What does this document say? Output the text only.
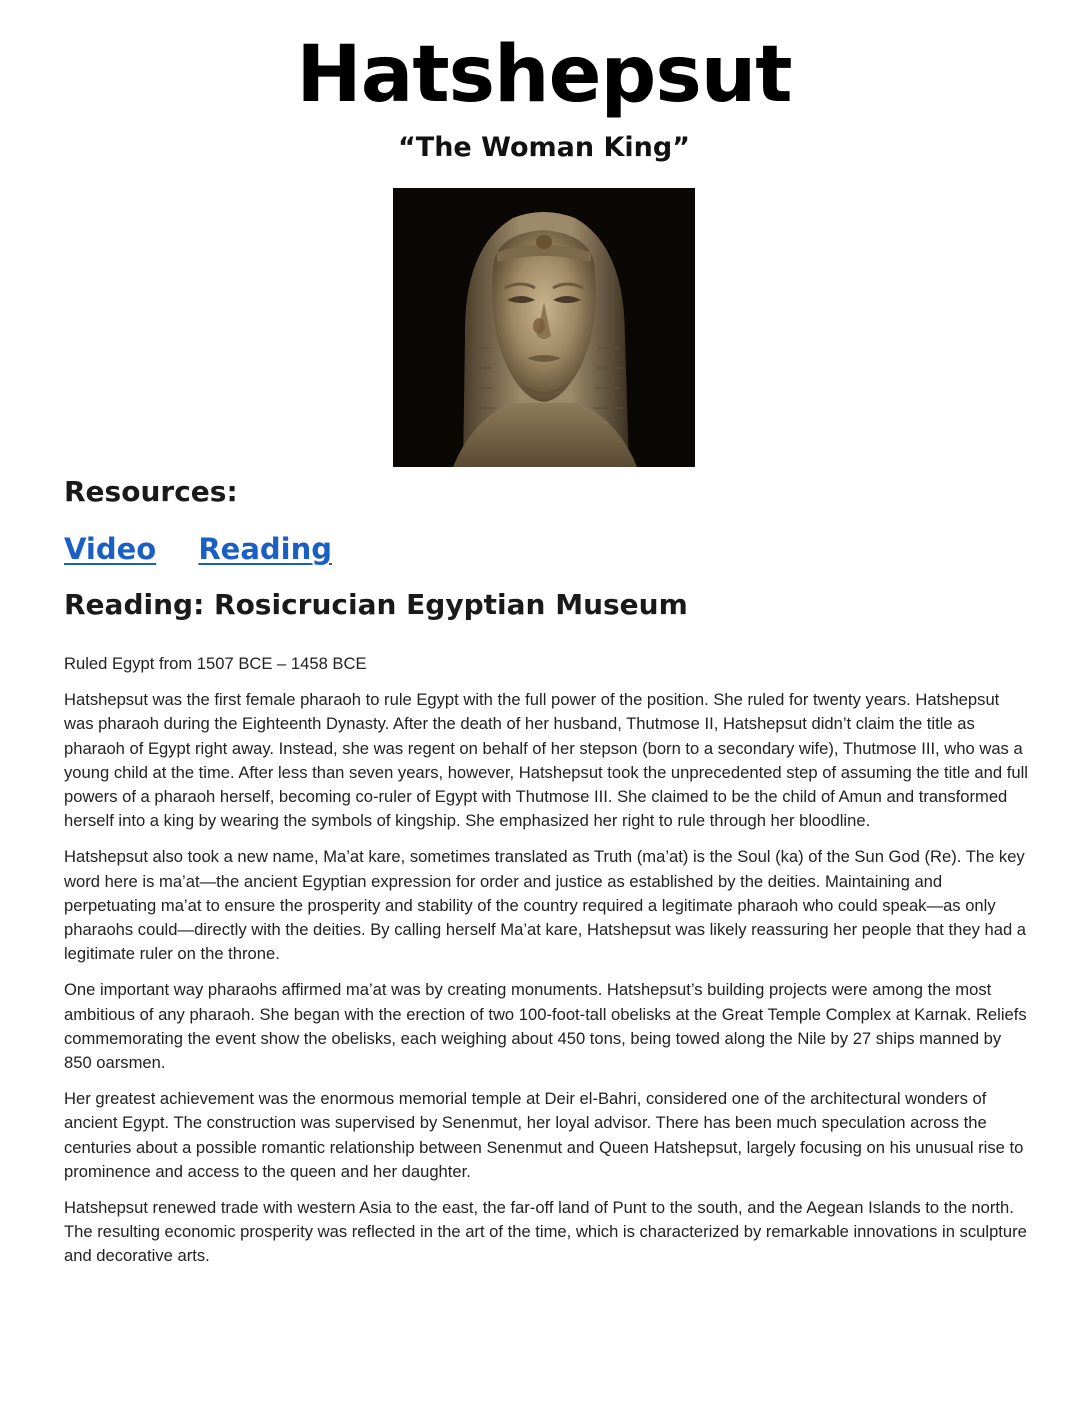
Hatshepsut
“The Woman King”
Resources:
Video Reading
Reading: Rosicrucian Egyptian Museum

Ruled Egypt from 1507 BCE – 1458 BCE

Hatshepsut was the first female pharaoh to rule Egypt with the full power of the position. She ruled for twenty years. Hatshepsut was pharaoh during the Eighteenth Dynasty. After the death of her husband, Thutmose II, Hatshepsut didn’t claim the title as pharaoh of Egypt right away. Instead, she was regent on behalf of her stepson (born to a secondary wife), Thutmose III, who was a young child at the time. After less than seven years, however, Hatshepsut took the unprecedented step of assuming the title and full powers of a pharaoh herself, becoming co-ruler of Egypt with Thutmose III. She claimed to be the child of Amun and transformed herself into a king by wearing the symbols of kingship. She emphasized her right to rule through her bloodline.

Hatshepsut also took a new name, Ma’at kare, sometimes translated as Truth (ma’at) is the Soul (ka) of the Sun God (Re). The key word here is ma’at—the ancient Egyptian expression for order and justice as established by the deities. Maintaining and perpetuating ma’at to ensure the prosperity and stability of the country required a legitimate pharaoh who could speak—as only pharaohs could—directly with the deities. By calling herself Ma’at kare, Hatshepsut was likely reassuring her people that they had a legitimate ruler on the throne.

One important way pharaohs affirmed ma’at was by creating monuments. Hatshepsut’s building projects were among the most ambitious of any pharaoh. She began with the erection of two 100-foot-tall obelisks at the Great Temple Complex at Karnak. Reliefs commemorating the event show the obelisks, each weighing about 450 tons, being towed along the Nile by 27 ships manned by 850 oarsmen.

Her greatest achievement was the enormous memorial temple at Deir el-Bahri, considered one of the architectural wonders of ancient Egypt. The construction was supervised by Senenmut, her loyal advisor. There has been much speculation across the centuries about a possible romantic relationship between Senenmut and Queen Hatshepsut, largely focusing on his unusual rise to prominence and access to the queen and her daughter.

Hatshepsut renewed trade with western Asia to the east, the far-off land of Punt to the south, and the Aegean Islands to the north. The resulting economic prosperity was reflected in the art of the time, which is characterized by remarkable innovations in sculpture and decorative arts.
